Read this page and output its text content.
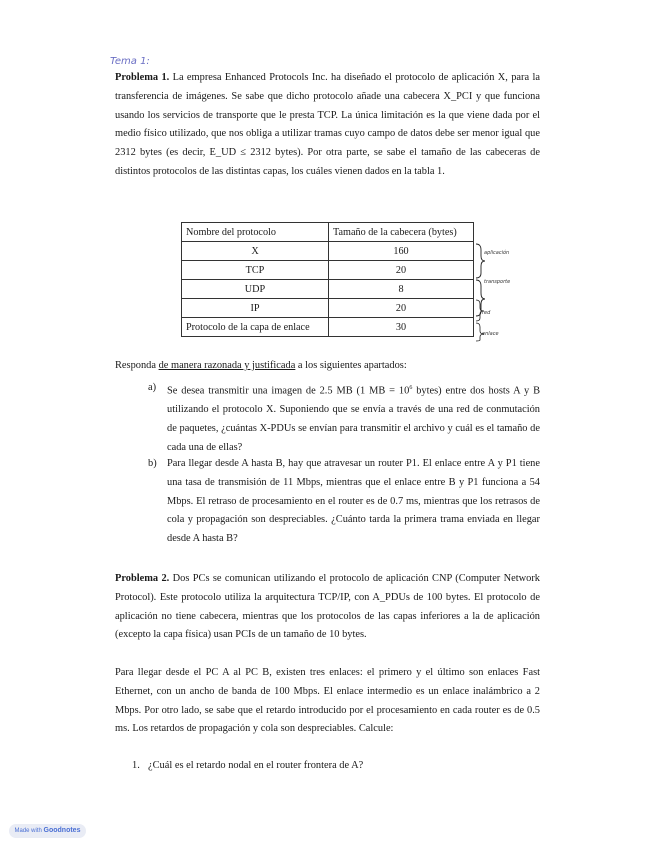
Tema 1:
Problema 1. La empresa Enhanced Protocols Inc. ha diseñado el protocolo de aplicación X, para la transferencia de imágenes. Se sabe que dicho protocolo añade una cabecera X_PCI y que funciona usando los servicios de transporte que le presta TCP. La única limitación es la que viene dada por el medio físico utilizado, que nos obliga a utilizar tramas cuyo campo de datos debe ser menor igual que 2312 bytes (es decir, E_UD ≤ 2312 bytes). Por otra parte, se sabe el tamaño de las cabeceras de distintos protocolos de las distintas capas, los cuáles vienen dados en la tabla 1.
Nombre del protocolo	Tamaño de la cabecera (bytes)
X	160
TCP	20
UDP	8
IP	20
Protocolo de la capa de enlace	30
aplicación
transporte
red
enlace
Responda de manera razonada y justificada a los siguientes apartados:
a) Se desea transmitir una imagen de 2.5 MB (1 MB = $10^6$ bytes) entre dos hosts A y B utilizando el protocolo X. Suponiendo que se envía a través de una red de conmutación de paquetes, ¿cuántas X-PDUs se envían para transmitir el archivo y cuál es el tamaño de cada una de ellas?
b) Para llegar desde A hasta B, hay que atravesar un router P1. El enlace entre A y P1 tiene una tasa de transmisión de 11 Mbps, mientras que el enlace entre B y P1 funciona a 54 Mbps. El retraso de procesamiento en el router es de 0.7 ms, mientras que los retrasos de cola y propagación son despreciables. ¿Cuánto tarda la primera trama enviada en llegar desde A hasta B?
Problema 2. Dos PCs se comunican utilizando el protocolo de aplicación CNP (Computer Network Protocol). Este protocolo utiliza la arquitectura TCP/IP, con A_PDUs de 100 bytes. El protocolo de aplicación no tiene cabecera, mientras que los protocolos de las capas inferiores a la de aplicación (excepto la capa física) usan PCIs de un tamaño de 10 bytes.
Para llegar desde el PC A al PC B, existen tres enlaces: el primero y el último son enlaces Fast Ethernet, con un ancho de banda de 100 Mbps. El enlace intermedio es un enlace inalámbrico a 2 Mbps. Por otro lado, se sabe que el retardo introducido por el procesamiento en cada router es de 0.5 ms. Los retardos de propagación y cola son despreciables. Calcule:
1. ¿Cuál es el retardo nodal en el router frontera de A?
Made with Goodnotes
